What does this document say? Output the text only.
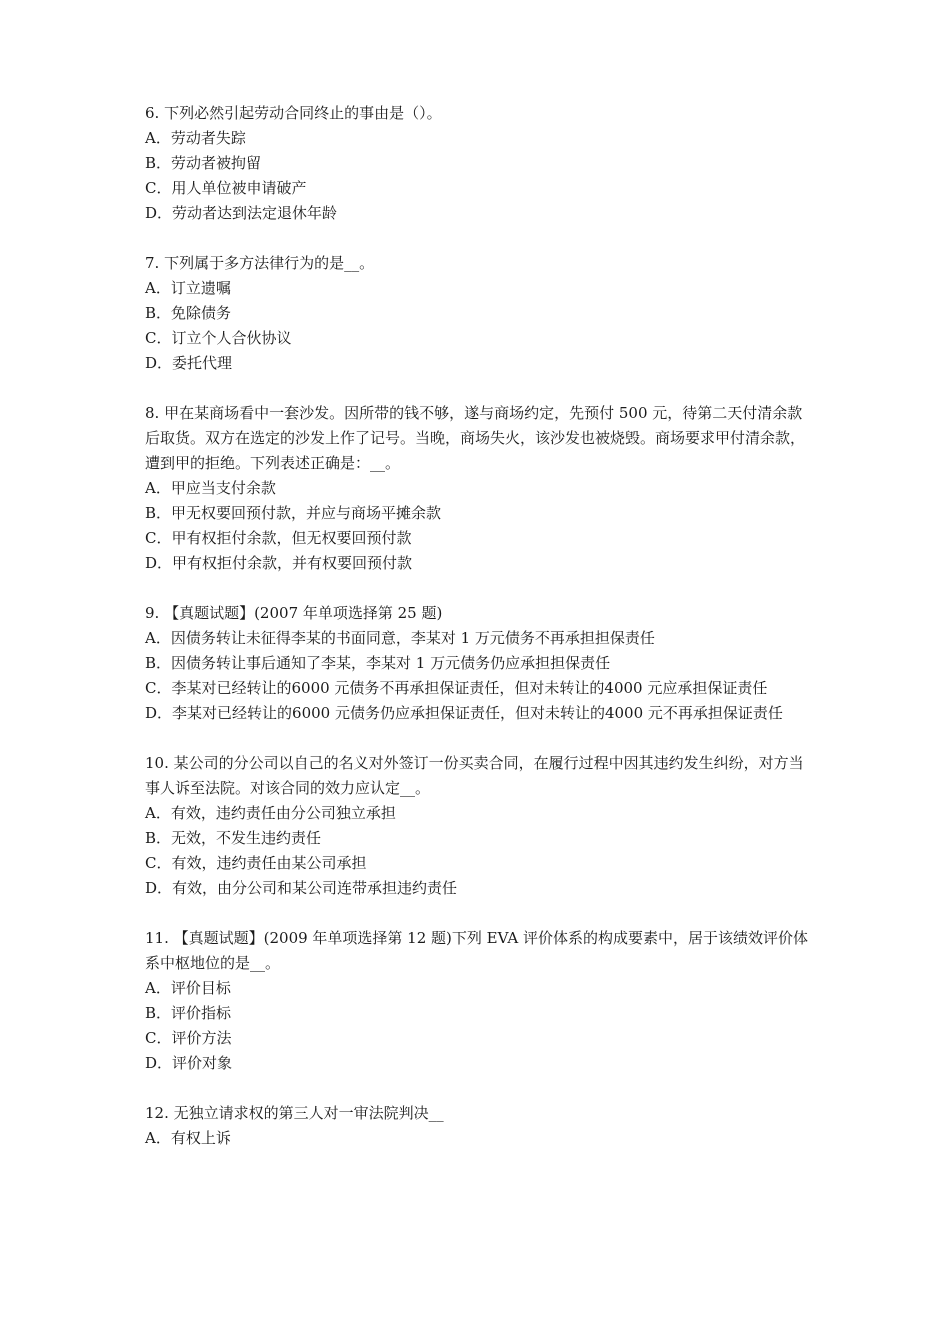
6. 下列必然引起劳动合同终止的事由是（）。
A．劳动者失踪
B．劳动者被拘留
C．用人单位被申请破产
D．劳动者达到法定退休年龄
7. 下列属于多方法律行为的是__。
A．订立遗嘱
B．免除债务
C．订立个人合伙协议
D．委托代理
8. 甲在某商场看中一套沙发。因所带的钱不够，遂与商场约定，先预付 500 元，待第二天付清余款后取货。双方在选定的沙发上作了记号。当晚，商场失火，该沙发也被烧毁。商场要求甲付清余款，遭到甲的拒绝。下列表述正确是：__。
A．甲应当支付余款
B．甲无权要回预付款，并应与商场平摊余款
C．甲有权拒付余款，但无权要回预付款
D．甲有权拒付余款，并有权要回预付款
9. 【真题试题】(2007 年单项选择第 25 题)
A．因债务转让未征得李某的书面同意，李某对 1 万元债务不再承担担保责任
B．因债务转让事后通知了李某，李某对 1 万元债务仍应承担担保责任
C．李某对已经转让的6000 元债务不再承担保证责任，但对未转让的4000 元应承担保证责任
D．李某对已经转让的6000 元债务仍应承担保证责任，但对未转让的4000 元不再承担保证责任
10. 某公司的分公司以自己的名义对外签订一份买卖合同，在履行过程中因其违约发生纠纷，对方当事人诉至法院。对该合同的效力应认定__。
A．有效，违约责任由分公司独立承担
B．无效，不发生违约责任
C．有效，违约责任由某公司承担
D．有效，由分公司和某公司连带承担违约责任
11. 【真题试题】(2009 年单项选择第 12 题)下列 EVA 评价体系的构成要素中，居于该绩效评价体系中枢地位的是__。
A．评价目标
B．评价指标
C．评价方法
D．评价对象
12. 无独立请求权的第三人对一审法院判决__
A．有权上诉
